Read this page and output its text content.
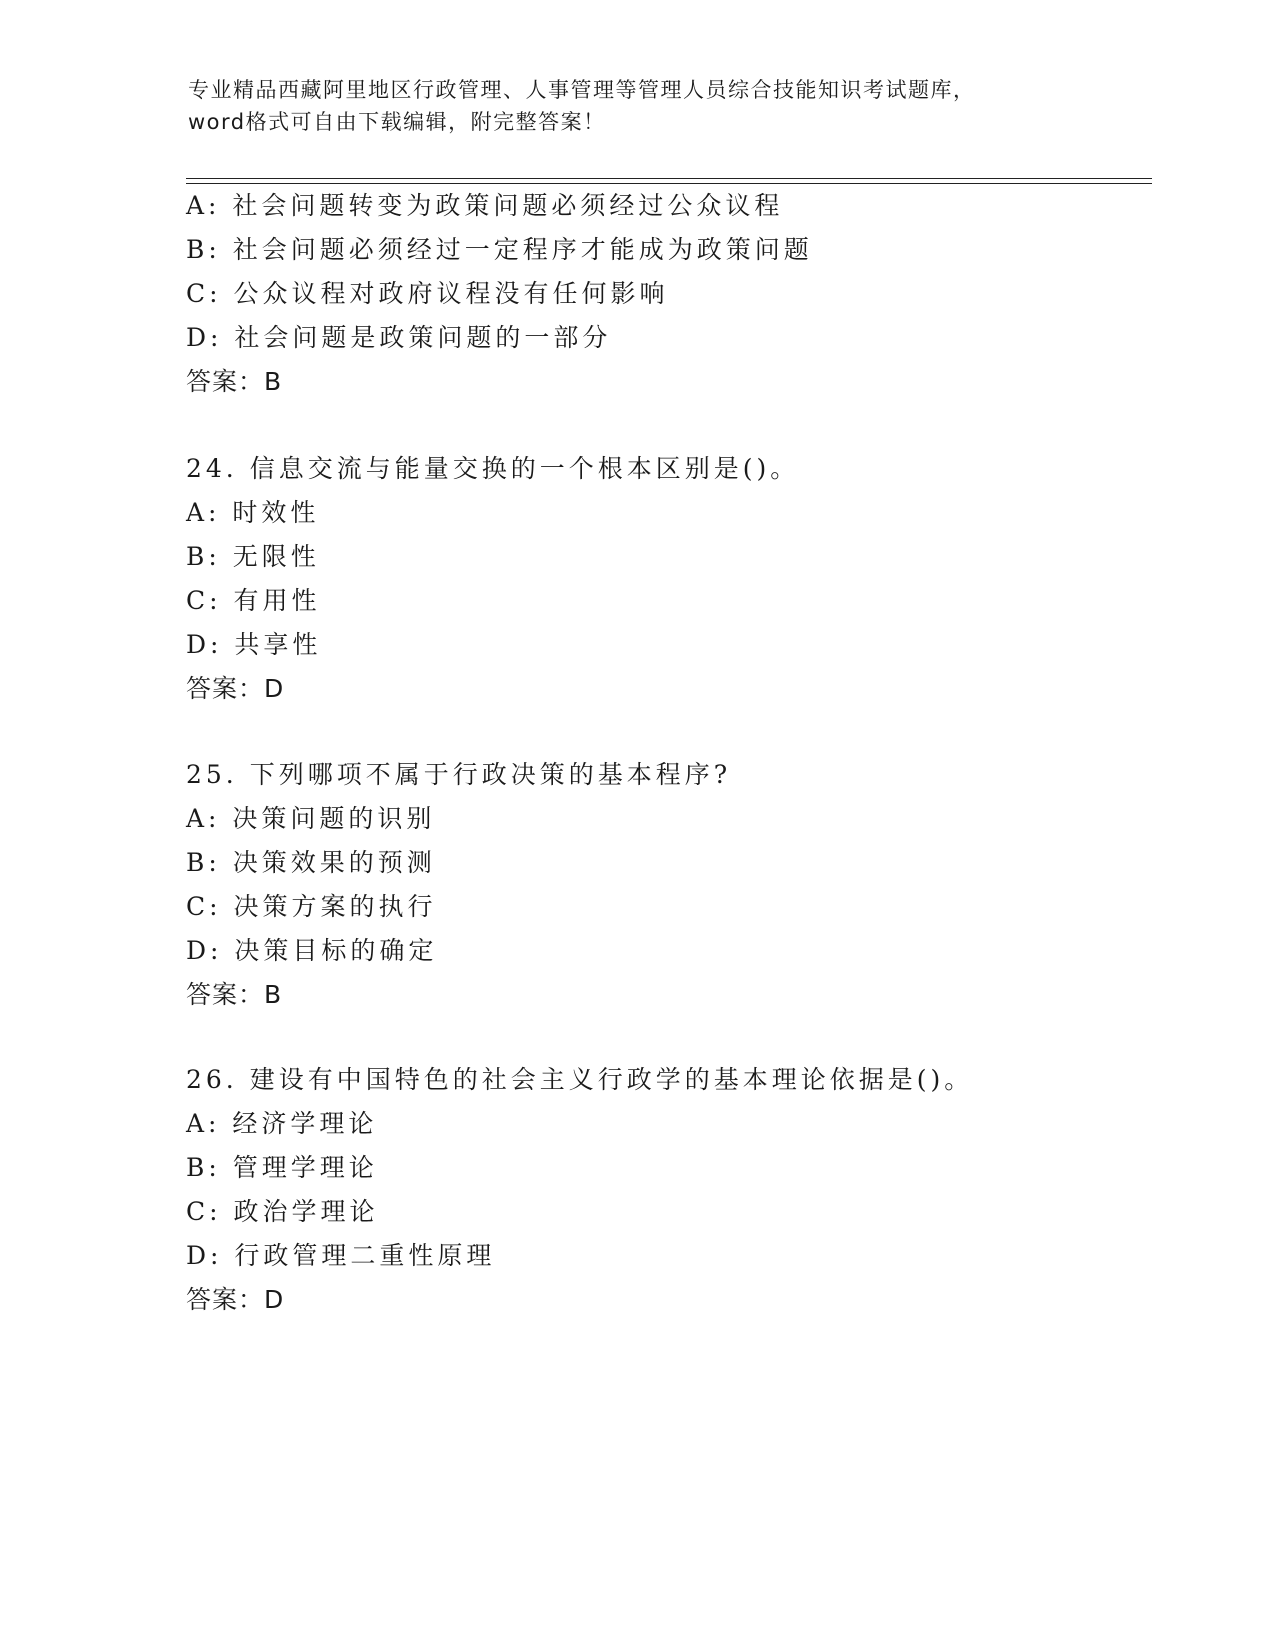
专业精品西藏阿里地区行政管理、人事管理等管理人员综合技能知识考试题库，
word格式可自由下载编辑，附完整答案！
A: 社会问题转变为政策问题必须经过公众议程
B: 社会问题必须经过一定程序才能成为政策问题
C: 公众议程对政府议程没有任何影响
D: 社会问题是政策问题的一部分
答案：B
24. 信息交流与能量交换的一个根本区别是()。
A: 时效性
B: 无限性
C: 有用性
D: 共享性
答案：D
25. 下列哪项不属于行政决策的基本程序?
A: 决策问题的识别
B: 决策效果的预测
C: 决策方案的执行
D: 决策目标的确定
答案：B
26. 建设有中国特色的社会主义行政学的基本理论依据是()。
A: 经济学理论
B: 管理学理论
C: 政治学理论
D: 行政管理二重性原理
答案：D
